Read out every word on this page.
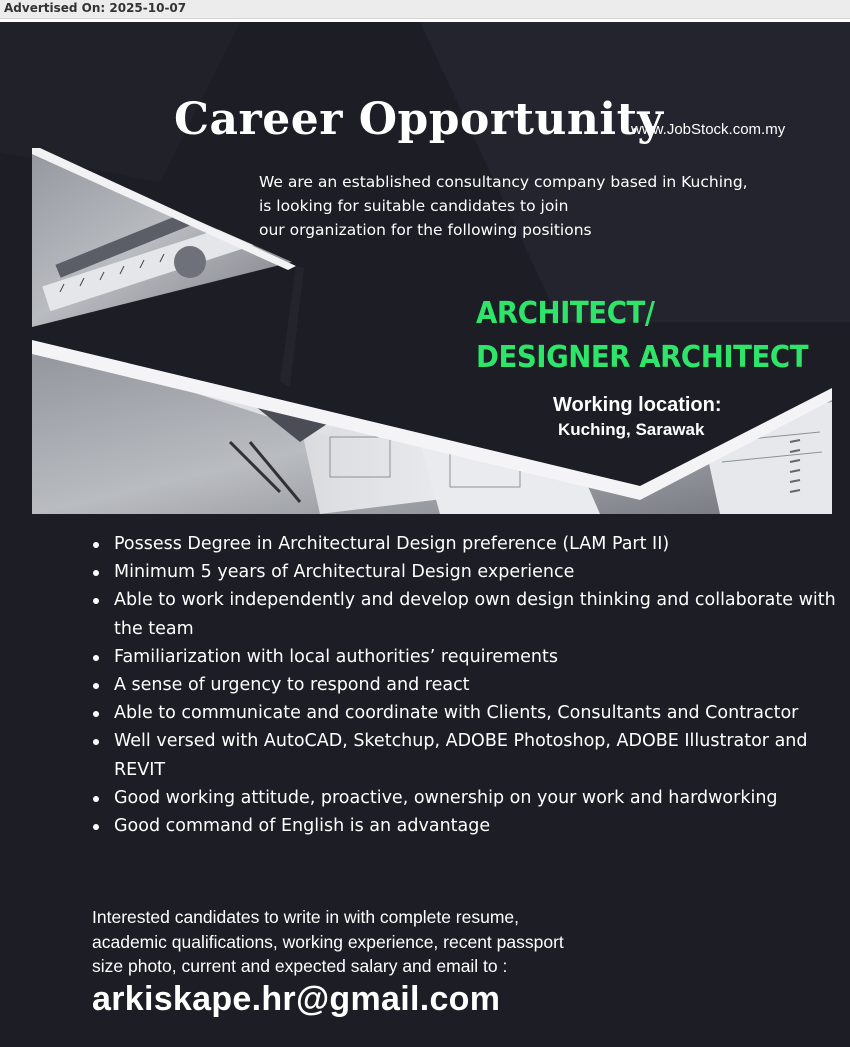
Advertised On: 2025-10-07
Career Opportunity
www.JobStock.com.my
We are an established consultancy company based in Kuching,
is looking for suitable candidates to join
our organization for the following positions
ARCHITECT/
DESIGNER ARCHITECT
Working location:
Kuching, Sarawak
Possess Degree in Architectural Design preference (LAM Part II)
Minimum 5 years of Architectural Design experience
Able to work independently and develop own design thinking and collaborate with the team
Familiarization with local authorities’ requirements
A sense of urgency to respond and react
Able to communicate and coordinate with Clients, Consultants and Contractor
Well versed with AutoCAD, Sketchup, ADOBE Photoshop, ADOBE Illustrator and REVIT
Good working attitude, proactive, ownership on your work and hardworking
Good command of English is an advantage
Interested candidates to write in with complete resume,
academic qualifications, working experience, recent passport
size photo, current and expected salary and email to :
arkiskape.hr@gmail.com
